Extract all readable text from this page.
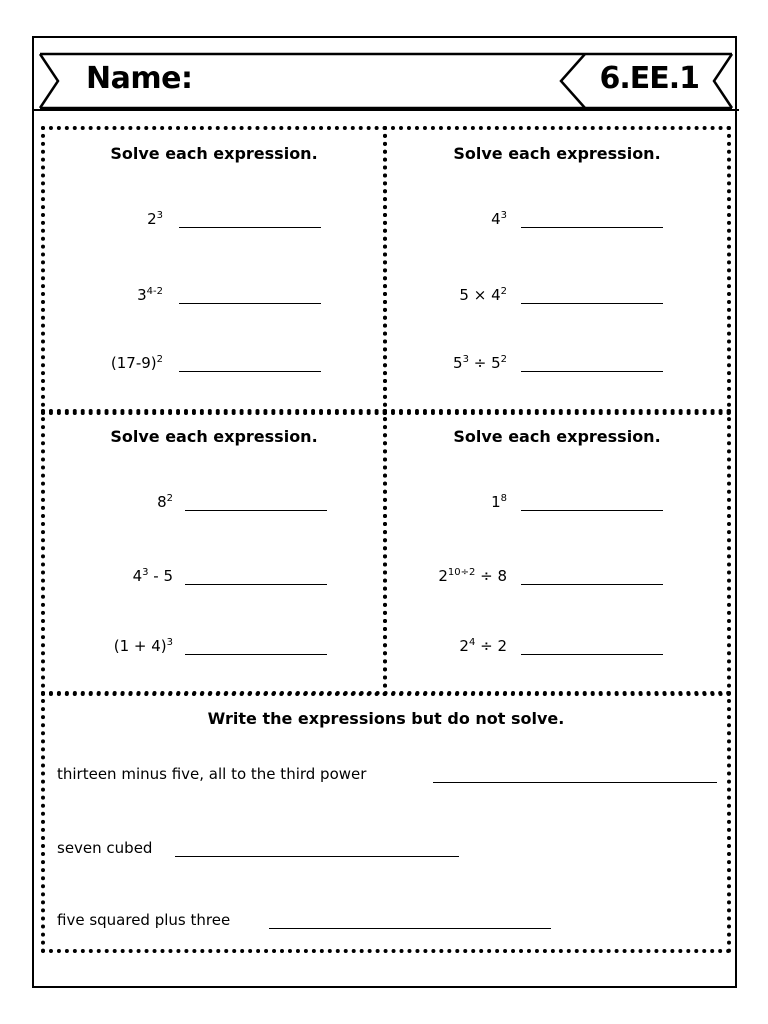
Name:	6.EE.1
Solve each expression.
$2^3$
3$^{4-2}$
$(17-9)^2$
Solve each expression.
$4^3$
$5 \times 4^2$
$5^3 \div 5^2$
Solve each expression.
$8^2$
$4^3 - 5$
$(1 + 4)^3$
Solve each expression.
$1^8$
$2^{10\div 2} \div 8$
$2^4 \div 2$
Write the expressions but do not solve.
thirteen minus five, all to the third power
seven cubed
five squared plus three
